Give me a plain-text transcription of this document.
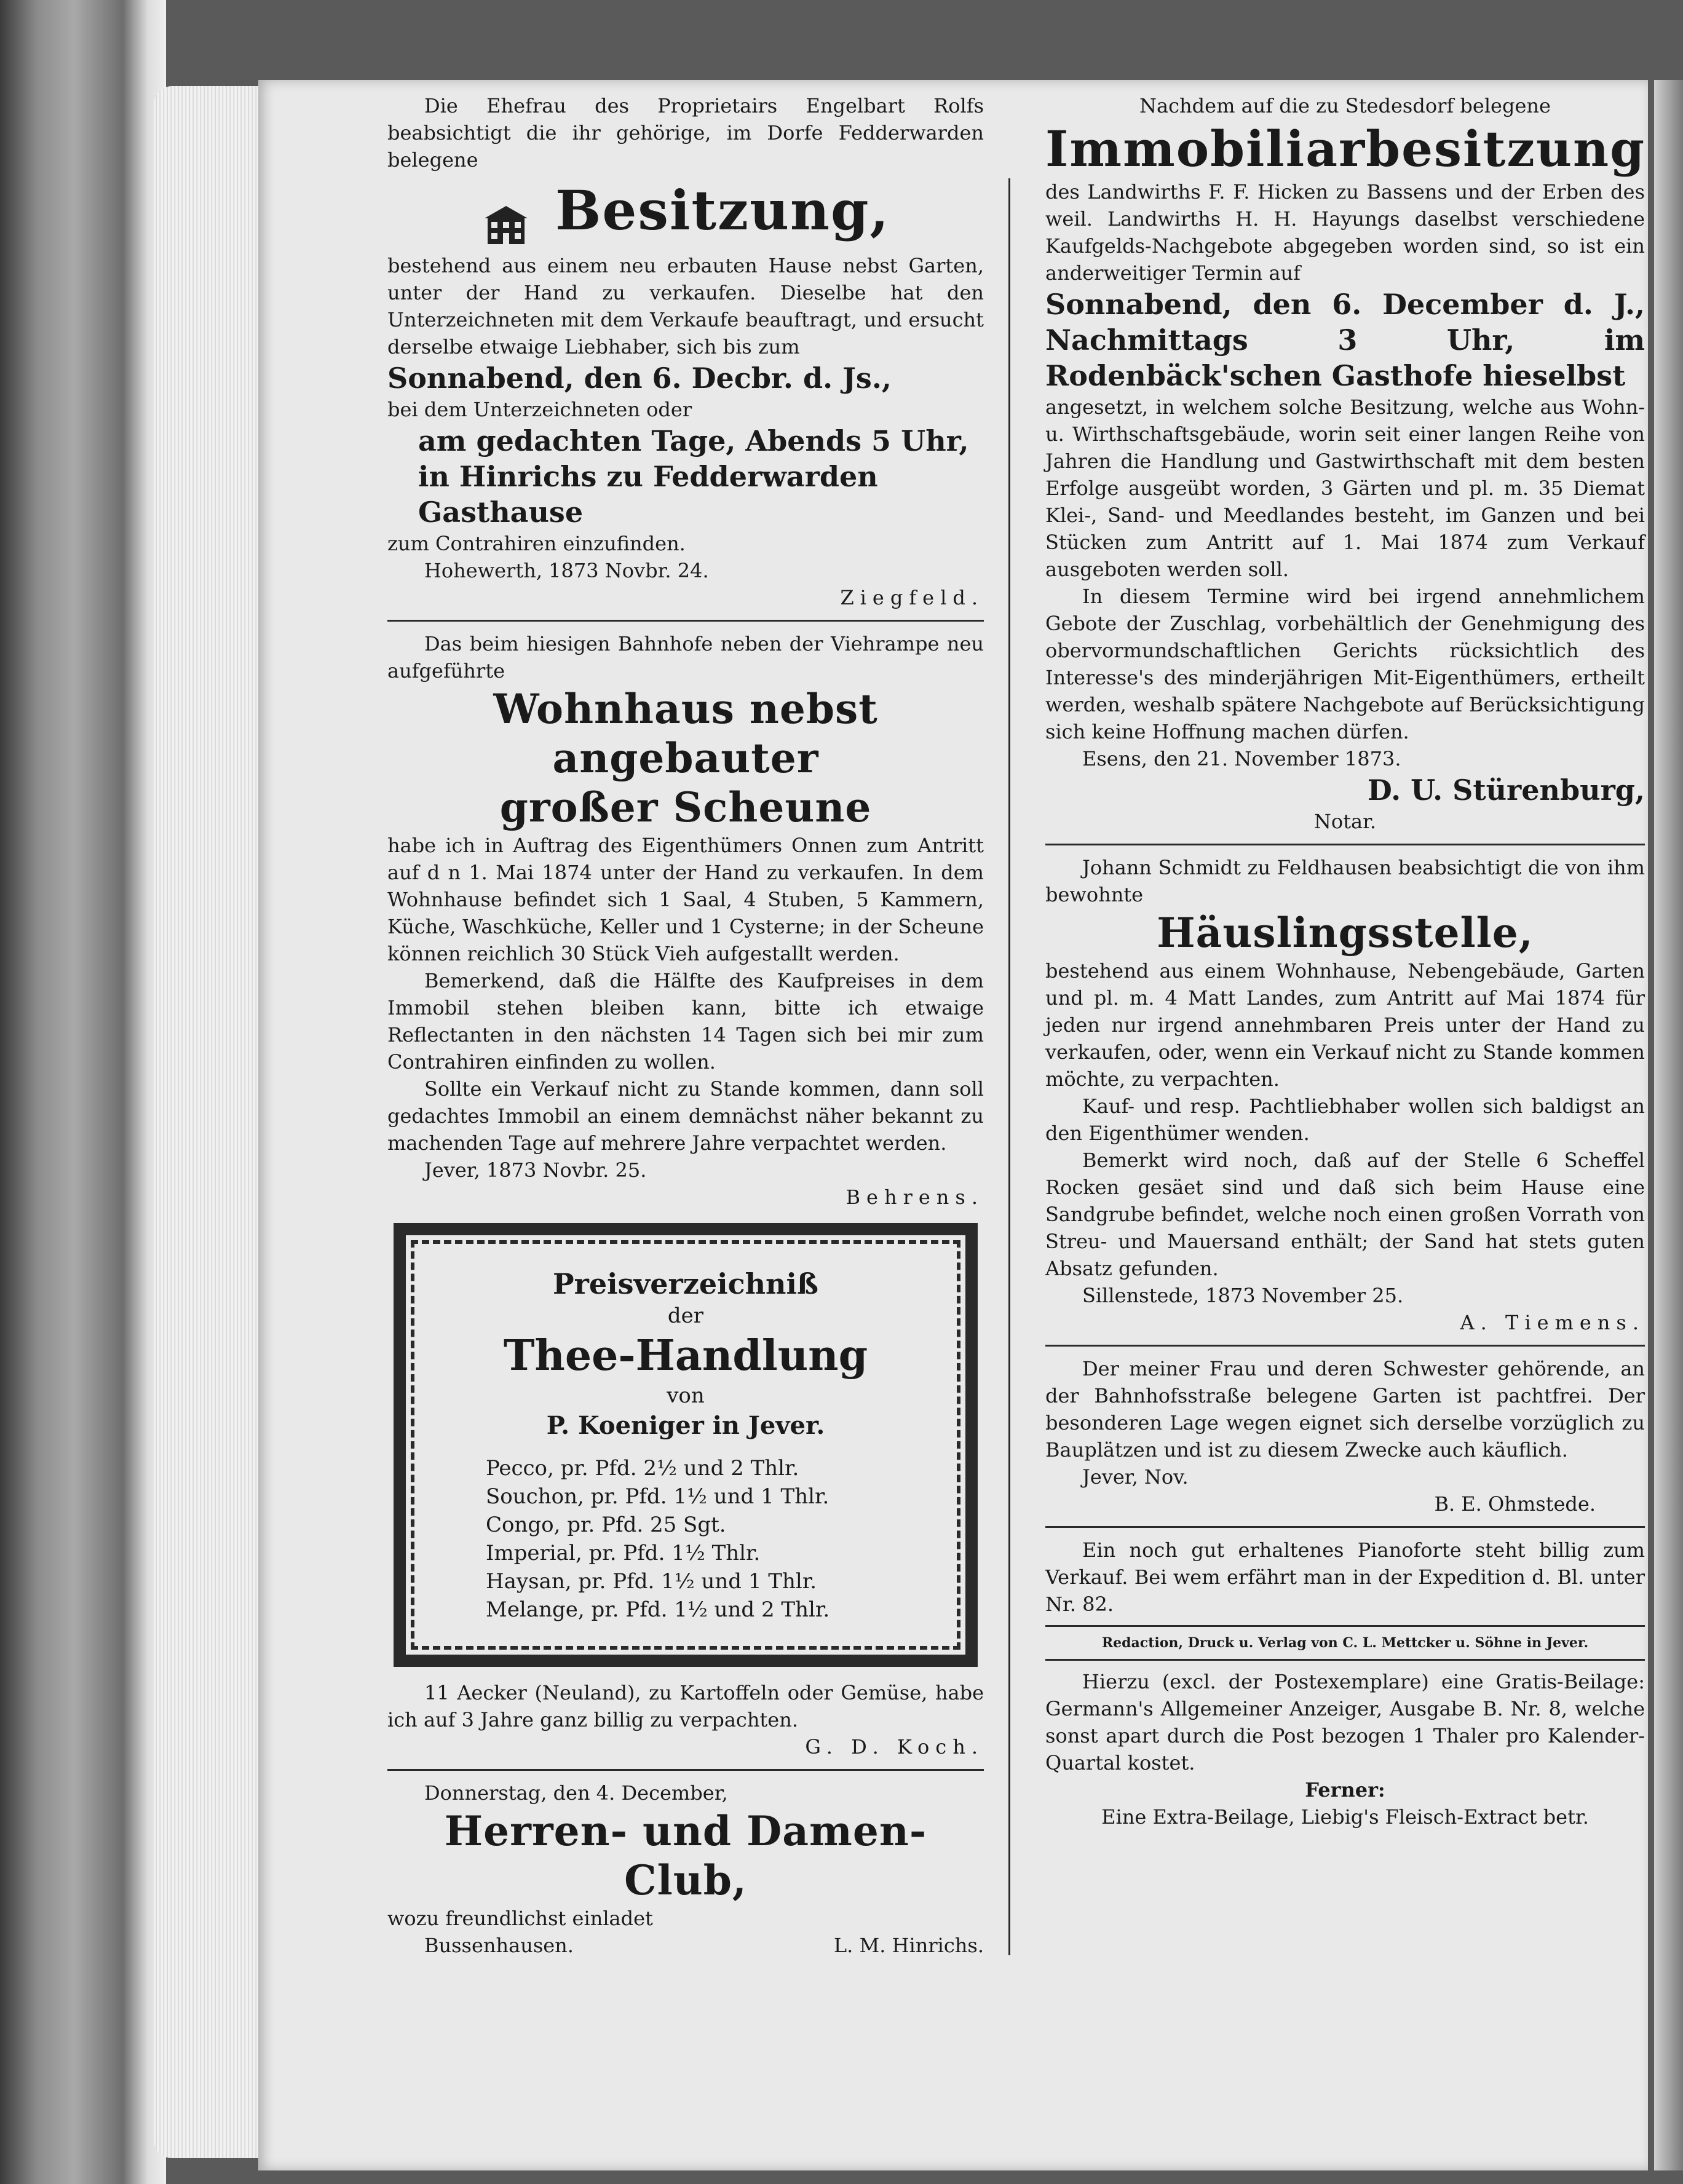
Die Ehefrau des Proprietairs Engelbart Rolfs beabsichtigt die ihr gehörige, im Dorfe Fedderwarden belegene

Besitzung,

bestehend aus einem neu erbauten Hause nebst Garten, unter der Hand zu verkaufen. Dieselbe hat den Unterzeichneten mit dem Verkaufe beauftragt, und ersucht derselbe etwaige Liebhaber, sich bis zum

Sonnabend, den 6. Decbr. d. Js.,

bei dem Unterzeichneten oder

am gedachten Tage, Abends 5 Uhr,

in Hinrichs zu Fedderwarden

Gasthause

zum Contrahiren einzufinden.

Hohewerth, 1873 Novbr. 24.

Ziegfeld.

Das beim hiesigen Bahnhofe neben der Viehrampe neu aufgeführte

Wohnhaus nebst angebauter

großer Scheune

habe ich in Auftrag des Eigenthümers Onnen zum Antritt auf d n 1. Mai 1874 unter der Hand zu verkaufen. In dem Wohnhause befindet sich 1 Saal, 4 Stuben, 5 Kammern, Küche, Waschküche, Keller und 1 Cysterne; in der Scheune können reichlich 30 Stück Vieh aufgestallt werden.

Bemerkend, daß die Hälfte des Kaufpreises in dem Immobil stehen bleiben kann, bitte ich etwaige Reflectanten in den nächsten 14 Tagen sich bei mir zum Contrahiren einfinden zu wollen.

Sollte ein Verkauf nicht zu Stande kommen, dann soll gedachtes Immobil an einem demnächst näher bekannt zu machenden Tage auf mehrere Jahre verpachtet werden.

Jever, 1873 Novbr. 25.

Behrens.

Preisverzeichniß

der

Thee-Handlung

von

P. Koeniger in Jever.

Pecco, pr. Pfd. 2½ und 2 Thlr.
Souchon, pr. Pfd. 1½ und 1 Thlr.
Congo, pr. Pfd. 25 Sgt.
Imperial, pr. Pfd. 1½ Thlr.
Haysan, pr. Pfd. 1½ und 1 Thlr.
Melange, pr. Pfd. 1½ und 2 Thlr.

11 Aecker (Neuland), zu Kartoffeln oder Gemüse, habe ich auf 3 Jahre ganz billig zu verpachten.

G. D. Koch.

Donnerstag, den 4. December,

Herren- und Damen-Club,

wozu freundlichst einladet

Bussenhausen.	L. M. Hinrichs.

Nachdem auf die zu Stedesdorf belegene

Immobiliarbesitzung

des Landwirths F. F. Hicken zu Bassens und der Erben des weil. Landwirths H. H. Hayungs daselbst verschiedene Kaufgelds-Nachgebote abgegeben worden sind, so ist ein anderweitiger Termin auf

Sonnabend, den 6. December d. J., Nachmittags 3 Uhr, im Rodenbäck'schen Gasthofe hieselbst

angesetzt, in welchem solche Besitzung, welche aus Wohn- u. Wirthschaftsgebäude, worin seit einer langen Reihe von Jahren die Handlung und Gastwirthschaft mit dem besten Erfolge ausgeübt worden, 3 Gärten und pl. m. 35 Diemat Klei-, Sand- und Meedlandes besteht, im Ganzen und bei Stücken zum Antritt auf 1. Mai 1874 zum Verkauf ausgeboten werden soll.

In diesem Termine wird bei irgend annehmlichem Gebote der Zuschlag, vorbehältlich der Genehmigung des obervormundschaftlichen Gerichts rücksichtlich des Interesse's des minderjährigen Mit-Eigenthümers, ertheilt werden, weshalb spätere Nachgebote auf Berücksichtigung sich keine Hoffnung machen dürfen.

Esens, den 21. November 1873.

D. U. Stürenburg,

Notar.

Johann Schmidt zu Feldhausen beabsichtigt die von ihm bewohnte

Häuslingsstelle,

bestehend aus einem Wohnhause, Nebengebäude, Garten und pl. m. 4 Matt Landes, zum Antritt auf Mai 1874 für jeden nur irgend annehmbaren Preis unter der Hand zu verkaufen, oder, wenn ein Verkauf nicht zu Stande kommen möchte, zu verpachten.

Kauf- und resp. Pachtliebhaber wollen sich baldigst an den Eigenthümer wenden.

Bemerkt wird noch, daß auf der Stelle 6 Scheffel Rocken gesäet sind und daß sich beim Hause eine Sandgrube befindet, welche noch einen großen Vorrath von Streu- und Mauersand enthält; der Sand hat stets guten Absatz gefunden.

Sillenstede, 1873 November 25.

A. Tiemens.

Der meiner Frau und deren Schwester gehörende, an der Bahnhofsstraße belegene Garten ist pachtfrei. Der besonderen Lage wegen eignet sich derselbe vorzüglich zu Bauplätzen und ist zu diesem Zwecke auch käuflich.

Jever, Nov.

B. E. Ohmstede.

Ein noch gut erhaltenes Pianoforte steht billig zum Verkauf. Bei wem erfährt man in der Expedition d. Bl. unter Nr. 82.

Redaction, Druck u. Verlag von C. L. Mettcker u. Söhne in Jever.

Hierzu (excl. der Postexemplare) eine Gratis-Beilage: Germann's Allgemeiner Anzeiger, Ausgabe B. Nr. 8, welche sonst apart durch die Post bezogen 1 Thaler pro Kalender-Quartal kostet.

Ferner:

Eine Extra-Beilage, Liebig's Fleisch-Extract betr.
